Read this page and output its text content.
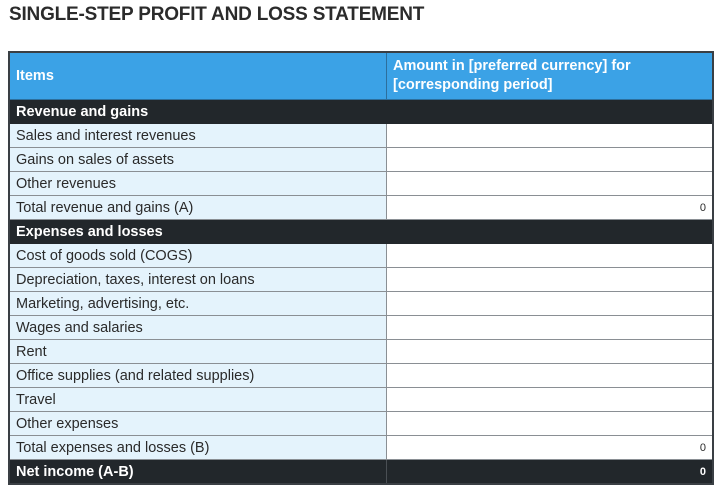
SINGLE-STEP PROFIT AND LOSS STATEMENT
Items	Amount in [preferred currency] for [corresponding period]
Revenue and gains	
Sales and interest revenues	
Gains on sales of assets	
Other revenues	
Total revenue and gains (A)	0
Expenses and losses	
Cost of goods sold (COGS)	
Depreciation, taxes, interest on loans	
Marketing, advertising, etc.	
Wages and salaries	
Rent	
Office supplies (and related supplies)	
Travel	
Other expenses	
Total expenses and losses (B)	0
Net income (A-B)	0
